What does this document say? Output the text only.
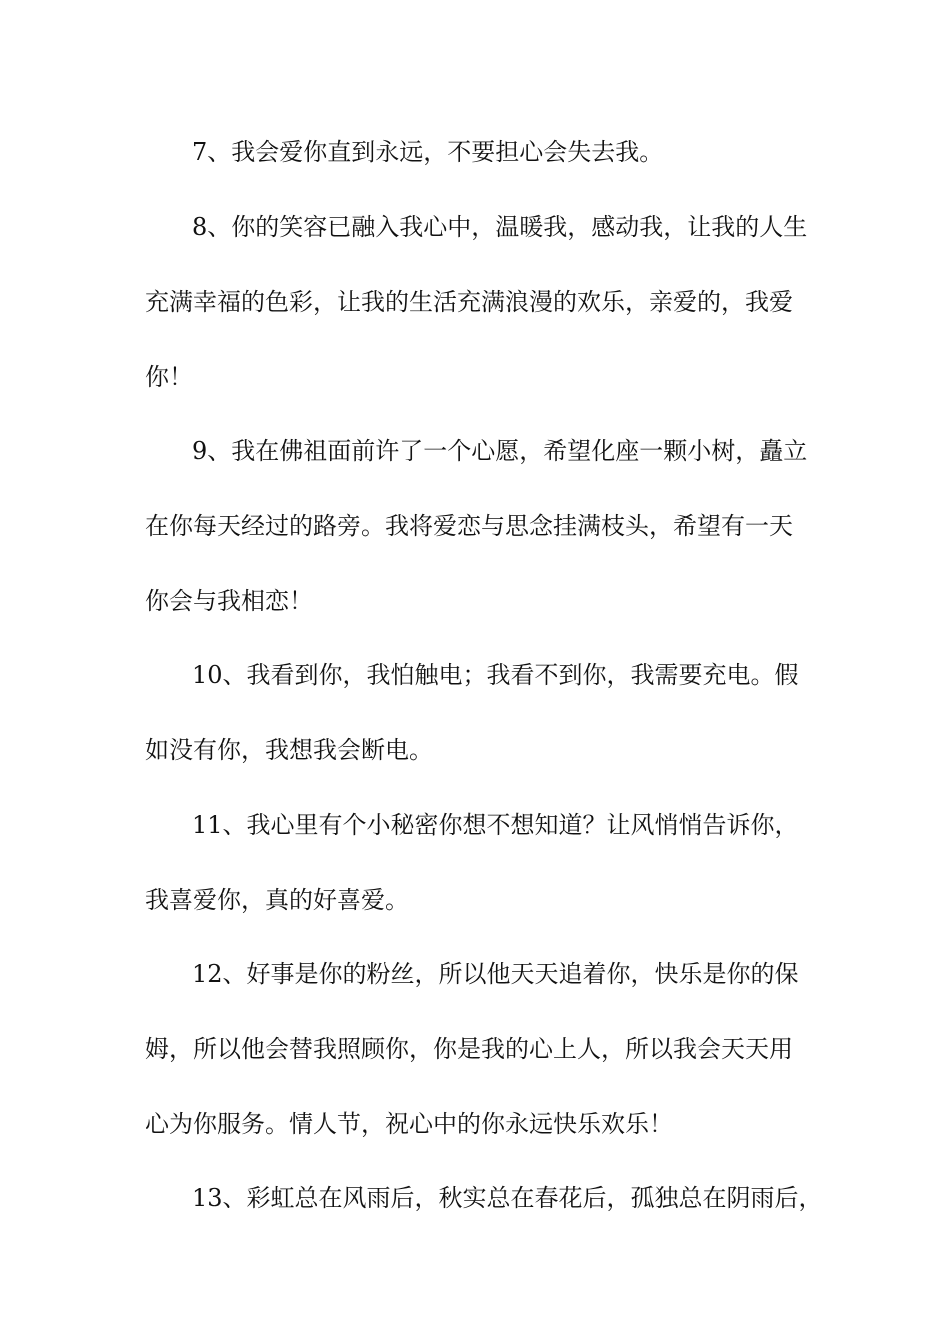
7、我会爱你直到永远，不要担心会失去我。
8、你的笑容已融入我心中，温暖我，感动我，让我的人生
充满幸福的色彩，让我的生活充满浪漫的欢乐，亲爱的，我爱
你！
9、我在佛祖面前许了一个心愿，希望化座一颗小树，矗立
在你每天经过的路旁。我将爱恋与思念挂满枝头，希望有一天
你会与我相恋！
10、我看到你，我怕触电；我看不到你，我需要充电。假
如没有你，我想我会断电。
11、我心里有个小秘密你想不想知道？让风悄悄告诉你，
我喜爱你，真的好喜爱。
12、好事是你的粉丝，所以他天天追着你，快乐是你的保
姆，所以他会替我照顾你，你是我的心上人，所以我会天天用
心为你服务。情人节，祝心中的你永远快乐欢乐！
13、彩虹总在风雨后，秋实总在春花后，孤独总在阴雨后，
